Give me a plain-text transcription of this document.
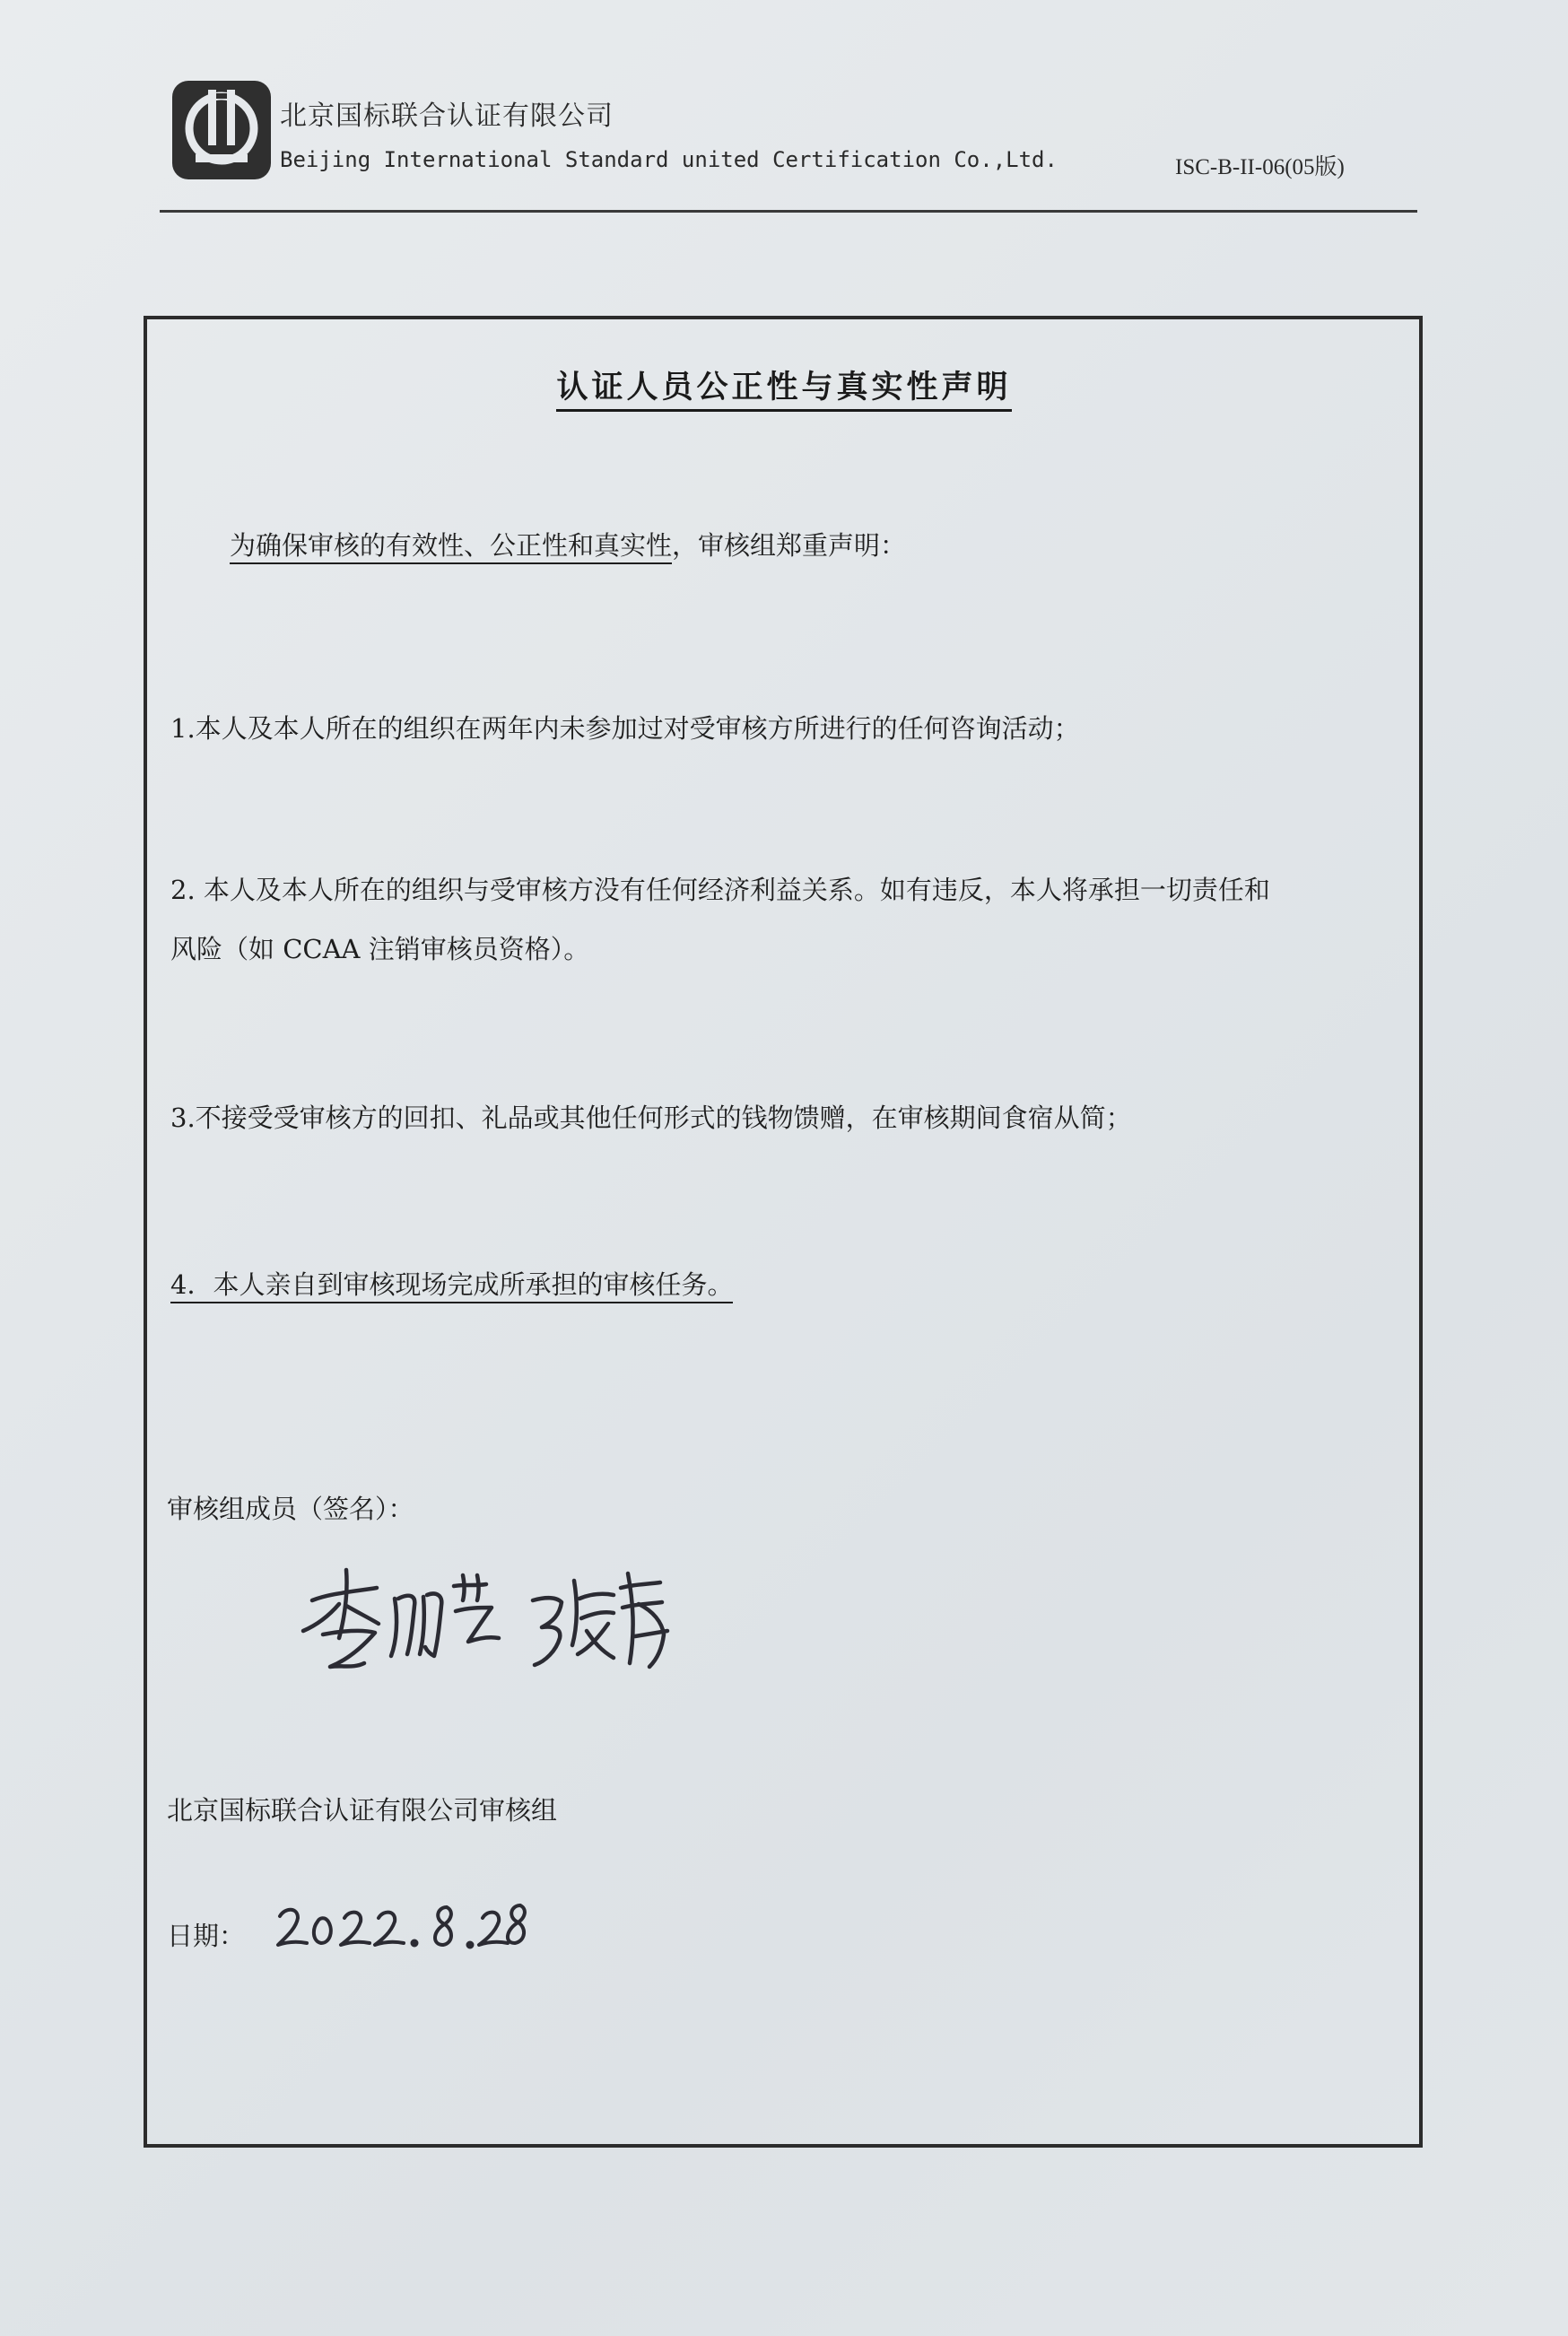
北京国标联合认证有限公司
Beijing International Standard united Certification Co.,Ltd.	ISC-B-II-06(05版)
认证人员公正性与真实性声明
为确保审核的有效性、公正性和真实性，审核组郑重声明：
1.本人及本人所在的组织在两年内未参加过对受审核方所进行的任何咨询活动；
2. 本人及本人所在的组织与受审核方没有任何经济利益关系。如有违反，本人将承担一切责任和
风险（如 CCAA 注销审核员资格）。
3.不接受受审核方的回扣、礼品或其他任何形式的钱物馈赠，在审核期间食宿从简；
4．本人亲自到审核现场完成所承担的审核任务。
审核组成员（签名）：
北京国标联合认证有限公司审核组
日期：
